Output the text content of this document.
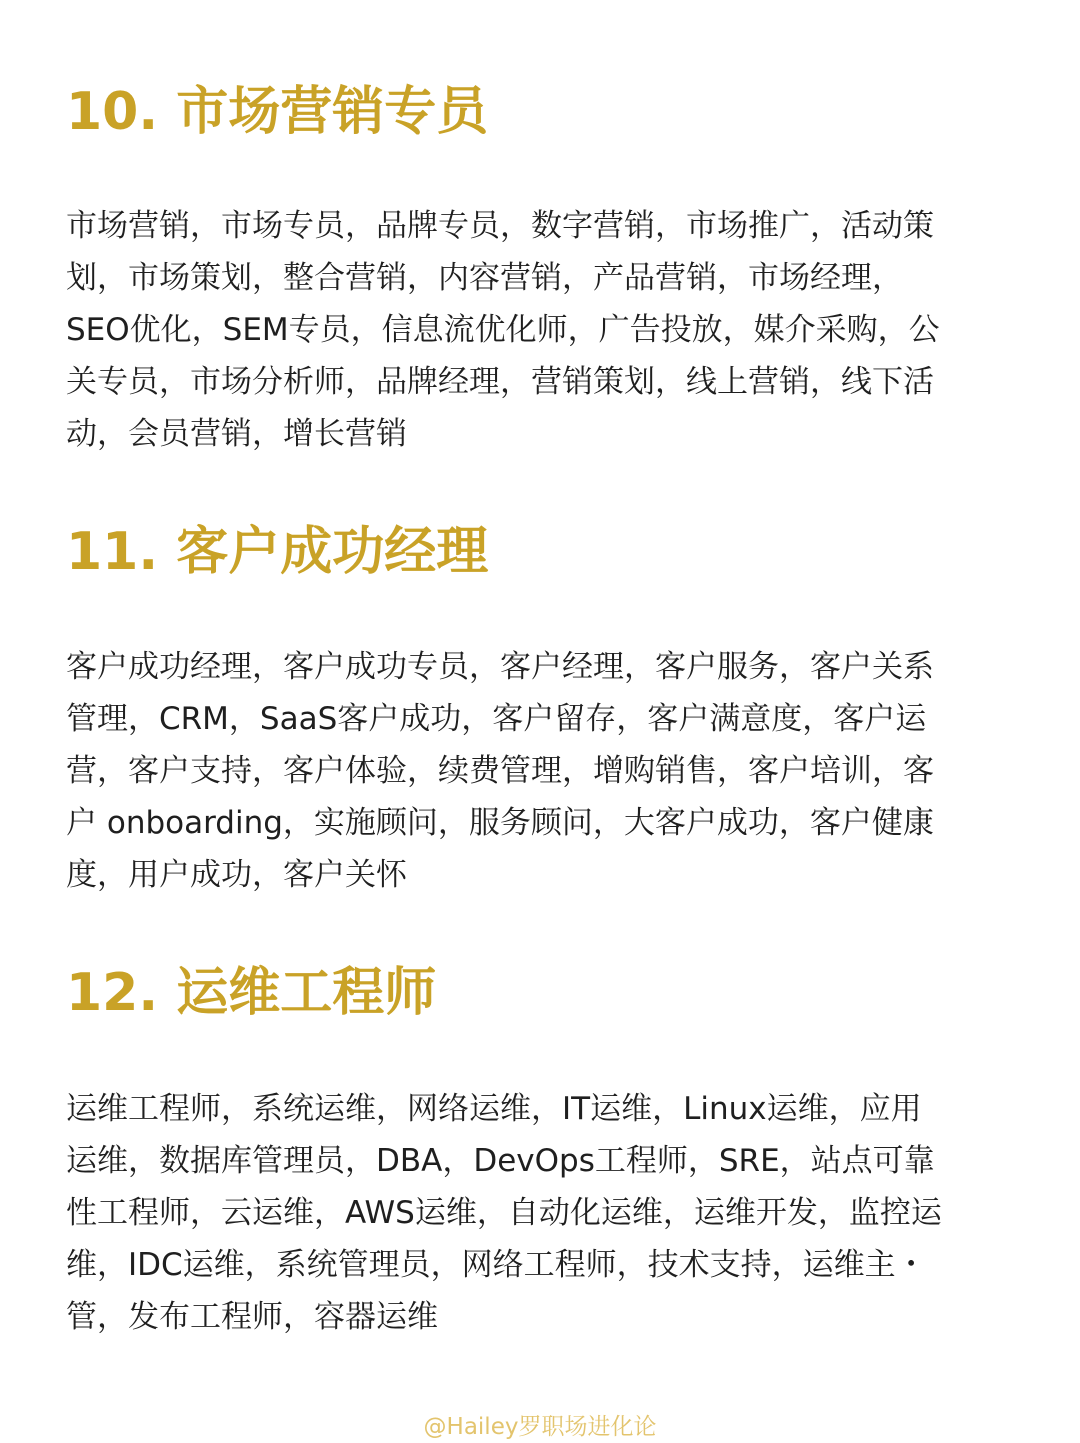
10. 市场营销专员

市场营销，市场专员，品牌专员，数字营销，市场推广，活动策
划，市场策划，整合营销，内容营销，产品营销，市场经理，
SEO优化，SEM专员，信息流优化师，广告投放，媒介采购，公
关专员，市场分析师，品牌经理，营销策划，线上营销，线下活
动，会员营销，增长营销

11. 客户成功经理

客户成功经理，客户成功专员，客户经理，客户服务，客户关系
管理，CRM，SaaS客户成功，客户留存，客户满意度，客户运
营，客户支持，客户体验，续费管理，增购销售，客户培训，客
户 onboarding，实施顾问，服务顾问，大客户成功，客户健康
度，用户成功，客户关怀

12. 运维工程师

运维工程师，系统运维，网络运维，IT运维，Linux运维，应用
运维，数据库管理员，DBA，DevOps工程师，SRE，站点可靠
性工程师，云运维，AWS运维，自动化运维，运维开发，监控运
维，IDC运维，系统管理员，网络工程师，技术支持，运维主・
管，发布工程师，容器运维

@Hailey罗职场进化论
